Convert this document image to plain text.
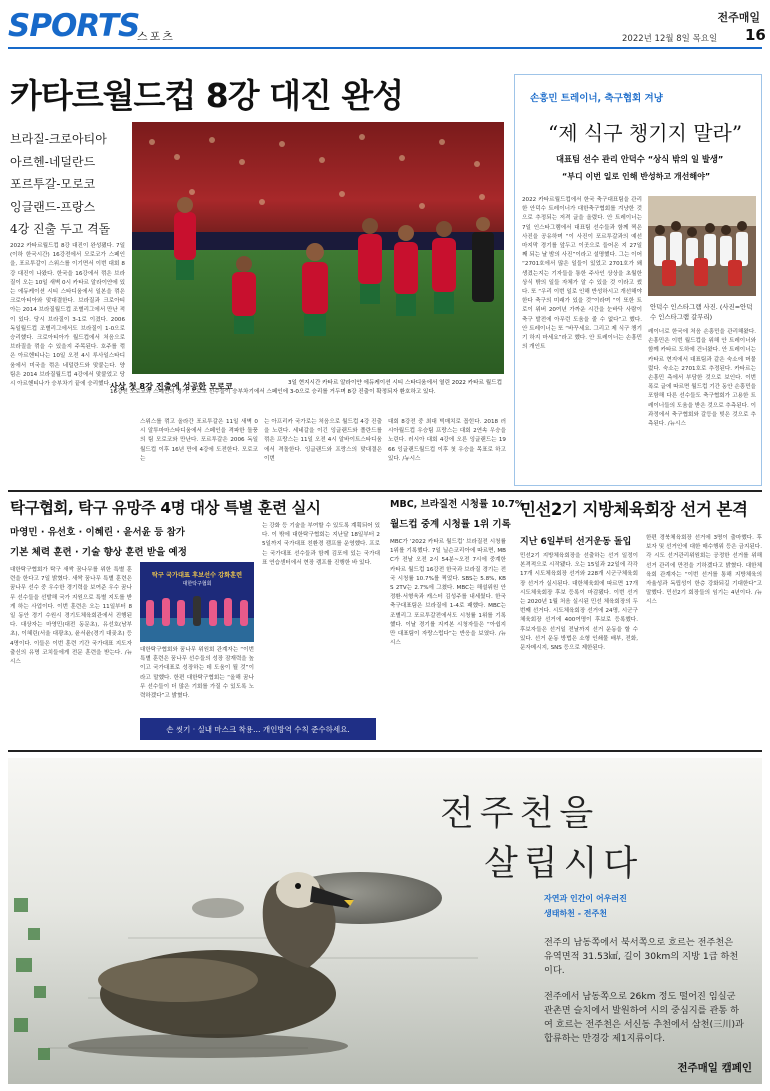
SPORTS
스포츠
전주매일
2022년 12월 8일 목요일 16
카타르월드컵 8강 대진 완성
브라질-크로아티아
아르헨-네덜란드
포르투갈-모로코
잉글랜드-프랑스
4강 진출 두고 격돌
2022 카타르월드컵 8강 대진이 완성됐다. 7일(이하 한국시간) 16강전에서 모로코가 스페인을, 포르투갈이 스위스를 이기면서 이번 대회 8강 대진이 나왔다. 한국을 16강에서 꺾은 브라질이 오는 10일 새벽 0시 카타르 알라이얀에 있는 에듀케이션 시티 스타디움에서 일본을 꺾은 크로아티아와 맞대결한다. 브라질과 크로아티아는 2014 브라질월드컵 조별리그에서 만난 적이 있다. 당시 브라질이 3-1로 이겼다. 2006 독일월드컵 조별리그에서도 브라질이 1-0으로 승리했다. 크로아티아가 월드컵에서 처음으로 브라질을 꺾을 수 있을지 주목된다. 호주를 꺾은 아르헨티나는 10일 오전 4시 루사일스타디움에서 미국을 꺾은 네덜란드와 맞붙는다. 양 팀은 2014 브라질월드컵 4강에서 맞붙었고 당시 아르헨티나가 승부차기 끝에 승리했다. 사상 첫 8강 진출에 성공한 모로코	3일 현지시간 카타르 알라이얀 에듀케이션 시티 스타디움에서 열린 2022 카타르 월드컵 16강전 모로코와 스페인의 경기. 모로코 선수들이 승부차기에서 스페인에 3-0으로 승리를 거두며 8강 진출이 확정되자 환호하고 있다.
스위스를 꺾고 올라간 포르투갈은 11일 새벽 0시 알투마마스타디움에서 스페인을 격파한 돌풍의 팀 모로코와 만난다. 포르투갈은 2006 독일월드컵 이후 16년 만에 4강에 도전한다. 모로코는
는 아프리카 국가로는 처음으로 월드컵 4강 진출을 노린다. 세네갈을 이긴 잉글랜드와 폴란드를 꺾은 프랑스는 11일 오전 4시 알바이트스타디움에서 격돌한다. 잉글랜드와 프랑스의 맞대결은 이번
대회 8강전 중 최대 빅매치로 꼽힌다. 2018 러시아월드컵 우승팀 프랑스는 대회 2연속 우승을 노린다. 러시아 대회 4강에 오른 잉글랜드는 1966 잉글랜드월드컵 이후 첫 우승을 목표로 하고 있다. /뉴시스
손흥민 트레이너, 축구협회 겨냥
“제 식구 챙기지 말라”
대표팀 선수 관리 안덕수 “상식 밖의 일 발생”
“부디 이번 일로 인해 반성하고 개선해야”
2022 카타르월드컵에서 한국 축구대표팀을 관리한 안덕수 트레이너가 대한축구협회를 겨냥한 것으로 추정되는 저격 글을 올렸다. 안 트레이너는 7일 인스타그램에서 대표팀 선수들과 함께 찍은 사진을 공유하며 “이 사진이 포르투갈과의 예선 마지막 경기를 앞두고 이곳으로 들어온 지 27일 째 되는 날 밤의 사진”이라고 설명했다. 그는 이어 “2701호에서 많은 일들이 있었고 2701호가 왜 생겼는지는 기자들을 통한 주사인 상상을 초월한 상식 밖의 일들 자체가 알 수 있을 것 이라고 썼다. 또 “우리 이번 일로 인해 반성하시고 개선해야 한다 축구의 미래가 있을 것”이라며 “이 또한 트로이 위버 20여년 가까운 시간을 눈바닥 사람이 축구 발전에 아무런 도움을 줄 수 없다”고 했다. 안 트레이너는 또 “바꾸세요. 그리고 제 식구 챙기기 하지 마세요”라고 했다. 안 트레이너는 손흥민의 개인트
안덕수 인스타그램 사진. (사진=안덕수 인스타그램 갈무리)
레이너로 한국에 처음 손흥민을 관리해왔다. 손흥민은 이번 월드컵을 위해 안 트레이너와 함께 카타르 도하에 건너왔다. 안 트레이너는 카타르 현지에서 대표팀과 같은 숙소에 머물렀다. 숙소는 2701호로 추정된다. 카타르는 손흥민 측에서 부담한 것으로 보인다. 이번 폭로 글에 따르면 월드컵 기간 동안 손흥민을 포함해 다른 선수들도 축구협회가 고용한 트레이너들의 도움을 받은 것으로 추측된다. 이 과정에서 축구협회와 갈등을 빚은 것으로 추측된다. /뉴시스
탁구협회, 탁구 유망주 4명 대상 특별 훈련 실시
마영민 · 유선호 · 이혜린 · 윤서윤 등 참가
기본 체력 훈련 · 기술 향상 훈련 받을 예정
대한탁구협회가 탁구 새싹 꿈나무를 위한 특별 훈련을 한다고 7일 밝혔다. 새싹 꿈나무 특별 훈련은 꿈나무 선수 중 우수한 경기력을 보여준 우수 꿈나무 선수들을 선발해 국가 지원으로 특별 지도를 받게 하는 사업이다. 이번 훈련은 오는 11일부터 8일 동안 경기 수원시 경기도체육회관에서 진행된다. 대상자는 마영민(대전 동문초), 유선호(남부초), 이혜린(서울 대광초), 윤서윤(경기 대곶초) 등 4명이다. 이들은 이번 훈련 기간 국가대표 지도자 출신의 유명 코치들에게 전문 훈련을 받는다. /뉴시스
탁구 국가대표 후보선수 강화훈련
대한탁구협회
대한탁구협회와 꿈나무 위원회 관계자는 “이번 특별 훈련은 꿈나무 선수들의 성장 잠재력을 높이고 국가대표로 성장하는 데 도움이 될 것”이라고 말했다. 한편 대한탁구협회는 “올해 꿈나무 선수들이 더 많은 기회를 가질 수 있도록 노력하겠다”고 밝혔다.
는 강화 등 기술을 부여할 수 있도록 계획되어 있다. 이 밖에 대한탁구협회는 지난달 18일부터 25일까지 국가대표 친환경 캠프를 운영했다. 프로는 국가대표 선수들과 함께 김포에 있는 국가대표 연습센터에서 현장 캠프를 진행한 바 있다.
MBC, 브라질전 시청률 10.7%
월드컵 중계 시청률 1위 기록
MBC가 ‘2022 카타르 월드컵’ 브라질전 시청률 1위를 기록했다. 7일 닐슨코리아에 따르면, MBC가 전날 오전 2시 54분~오전 7시에 중계한 카타르 월드컵 16강전 한국과 브라질 경기는 전국 시청률 10.7%를 찍었다. SBS는 5.8%, KBS 2TV는 2.7%에 그쳤다. MBC는 해설위원 안정환·서형욱과 캐스터 김성주를 내세웠다. 한국 축구대표팀은 브라질에 1-4로 패했다. MBC는 조별리그 포르투갈전에서도 시청률 1위를 기록했다. 이날 경기를 지켜본 시청자들은 “아쉽지만 대표팀이 자랑스럽다”는 반응을 보였다. /뉴시스
민선2기 지방체육회장 선거 본격
지난 6일부터 선거운동 돌입
민선2기 지방체육회장을 선출하는 선거 일정이 본격적으로 시작됐다. 오는 15일과 22일에 각각 17개 시도체육회장 선거와 228개 시군구체육회장 선거가 실시된다. 대한체육회에 따르면 17개 시도체육회장 후보 등록이 마감됐다. 이번 선거는 2020년 1월 처음 실시된 민선 체육회장의 두 번째 선거다. 시도체육회장 선거에 24명, 시군구체육회장 선거에 400여명이 후보로 등록했다. 후보자들은 선거일 전날까지 선거 운동을 할 수 있다. 선거 운동 방법은 소형 인쇄물 배부, 전화, 문자메시지, SNS 등으로 제한된다.
한편 경북체육회장 선거에 3명이 출마했다. 후보자 및 선거인에 대한 매수행위 등은 금지된다. 각 시도 선거관리위원회는 공정한 선거를 위해 선거 관리에 만전을 기하겠다고 밝혔다. 대한체육회 관계자는 “이번 선거를 통해 지방체육의 자율성과 독립성이 한층 강화되길 기대한다”고 말했다. 민선2기 회장들의 임기는 4년이다. /뉴시스
손 씻기 · 실내 마스크 착용… 개인방역 수칙 준수하세요.
전주천을
살립시다
자연과 인간이 어우러진
생태하천 - 전주천
전주의 남동쪽에서 북서쪽으로 흐르는 전주천은 유역면적 31.53㎢, 길이 30km의 지방 1급 하천이다.
전주에서 남동쪽으로 26km 정도 떨어진 임실군 관촌면 슬치에서 발원하여 시의 중심지를 관통 하여 흐르는 전주천은 서신동 추천에서 삼천(三川)과 합류하는 만경강 제1지류이다.
전주매일 캠페인
